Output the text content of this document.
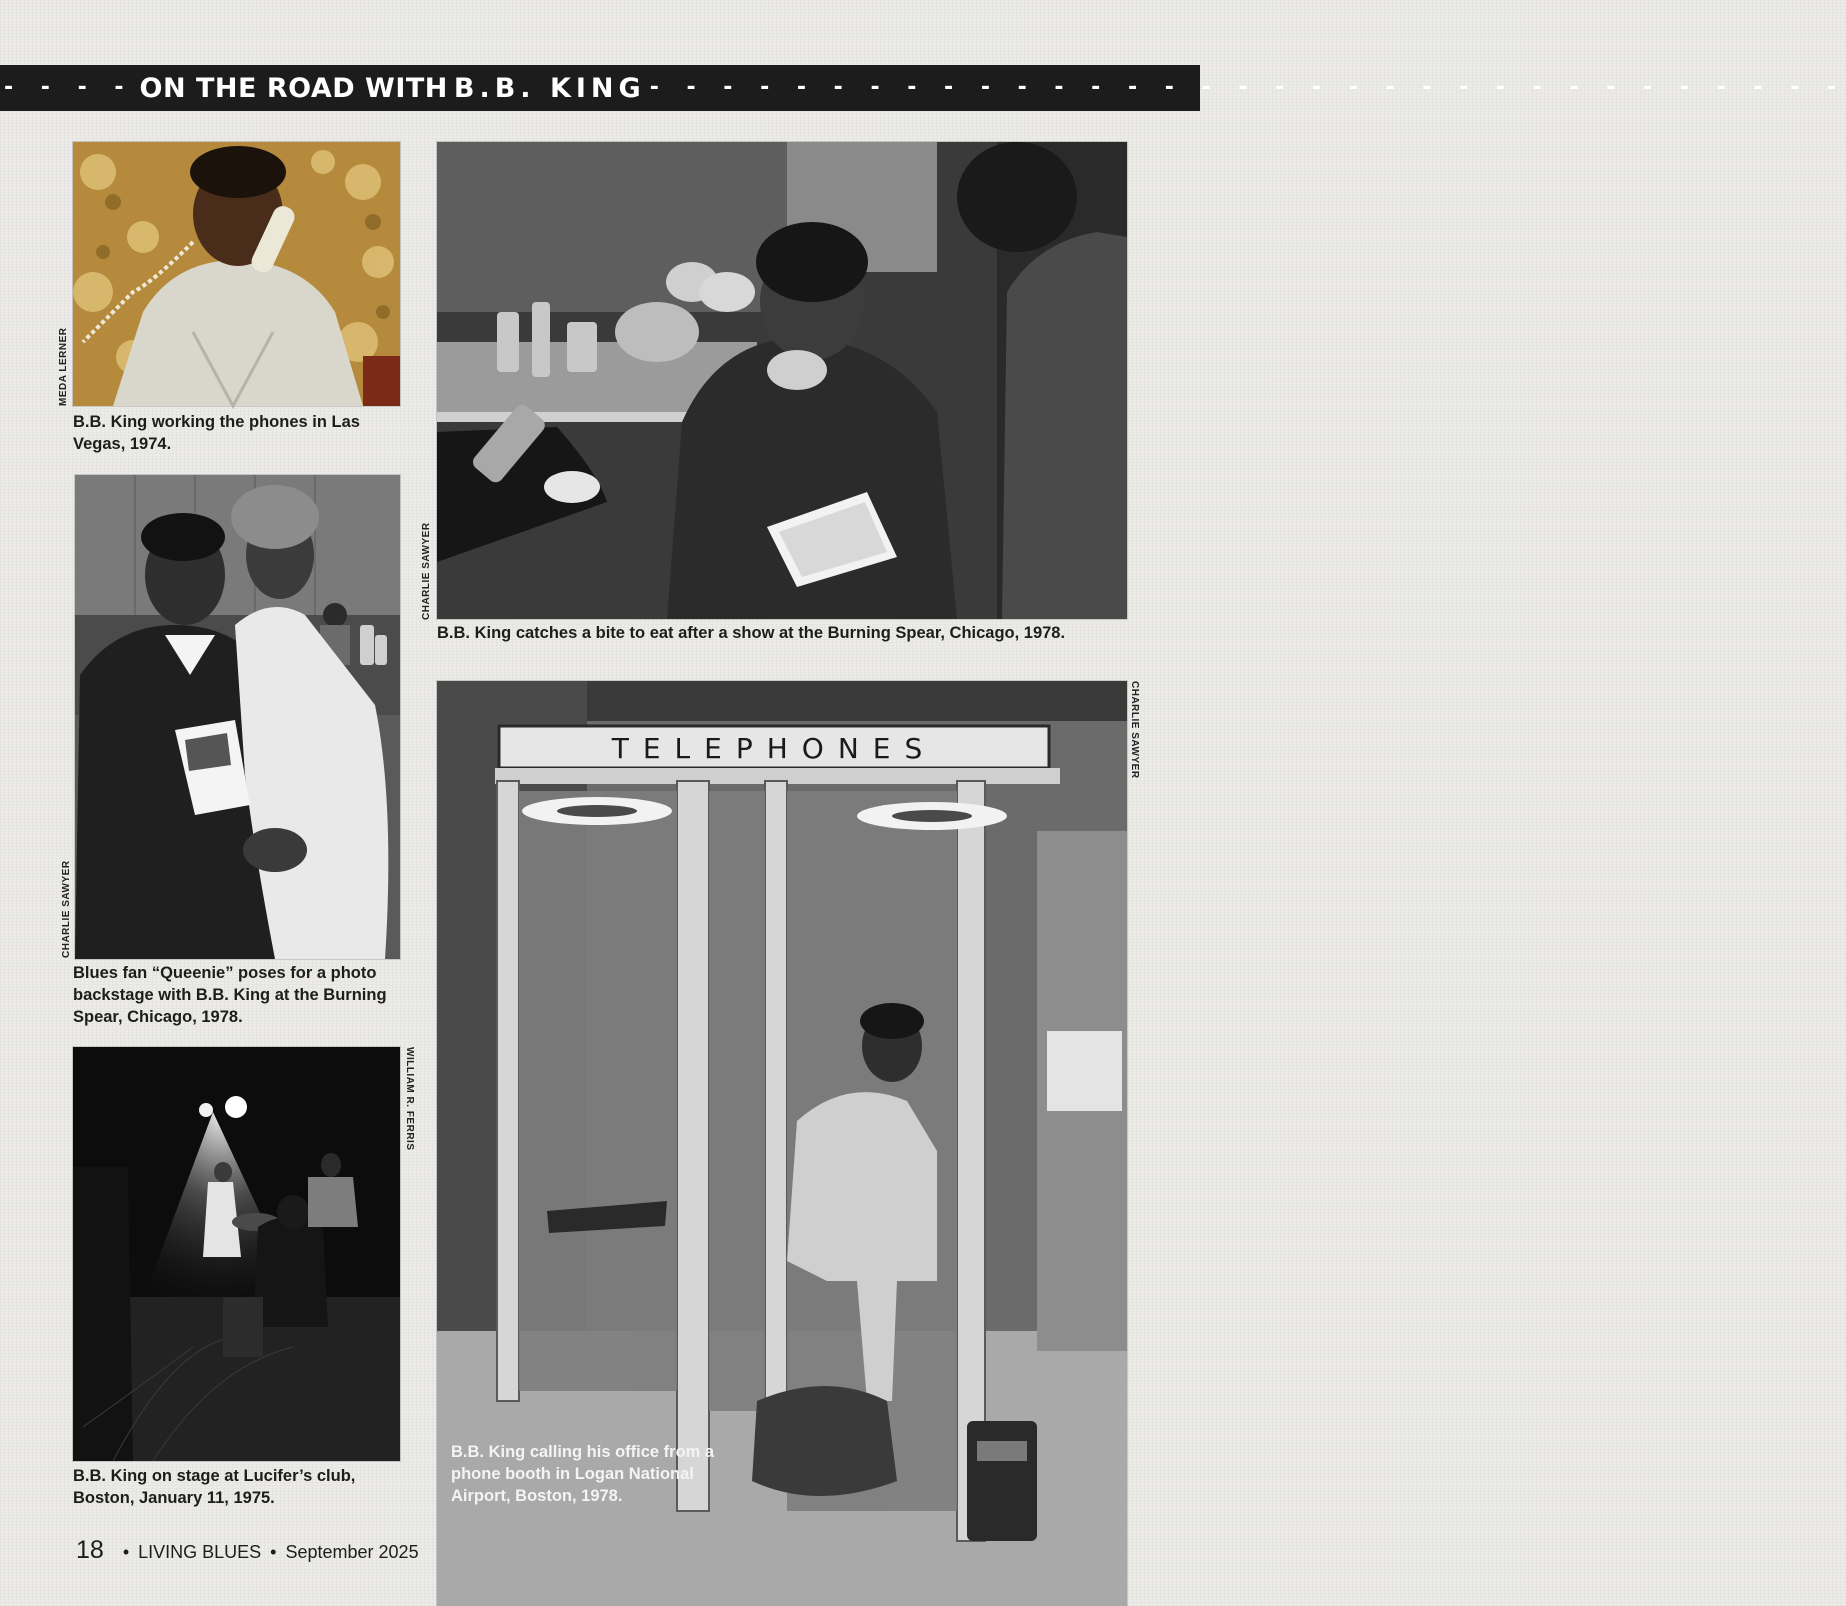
- - - - ON THE ROAD WITH B.B. KING - - - - - - - - - - - - - - - - - - - - - - - - - - - - - - - - -
MEDA LERNER
B.B. King working the phones in Las Vegas, 1974.
CHARLIE SAWYER
B.B. King catches a bite to eat after a show at the Burning Spear, Chicago, 1978.
CHARLIE SAWYER
Blues fan “Queenie” poses for a photo backstage with B.B. King at the Burning Spear, Chicago, 1978.
TELEPHONES
B.B. King calling his office from a phone booth in Logan National Airport, Boston, 1978.
CHARLIE SAWYER
WILLIAM R. FERRIS
B.B. King on stage at Lucifer’s club, Boston, January 11, 1975.
18 • LIVING BLUES • September 2025
